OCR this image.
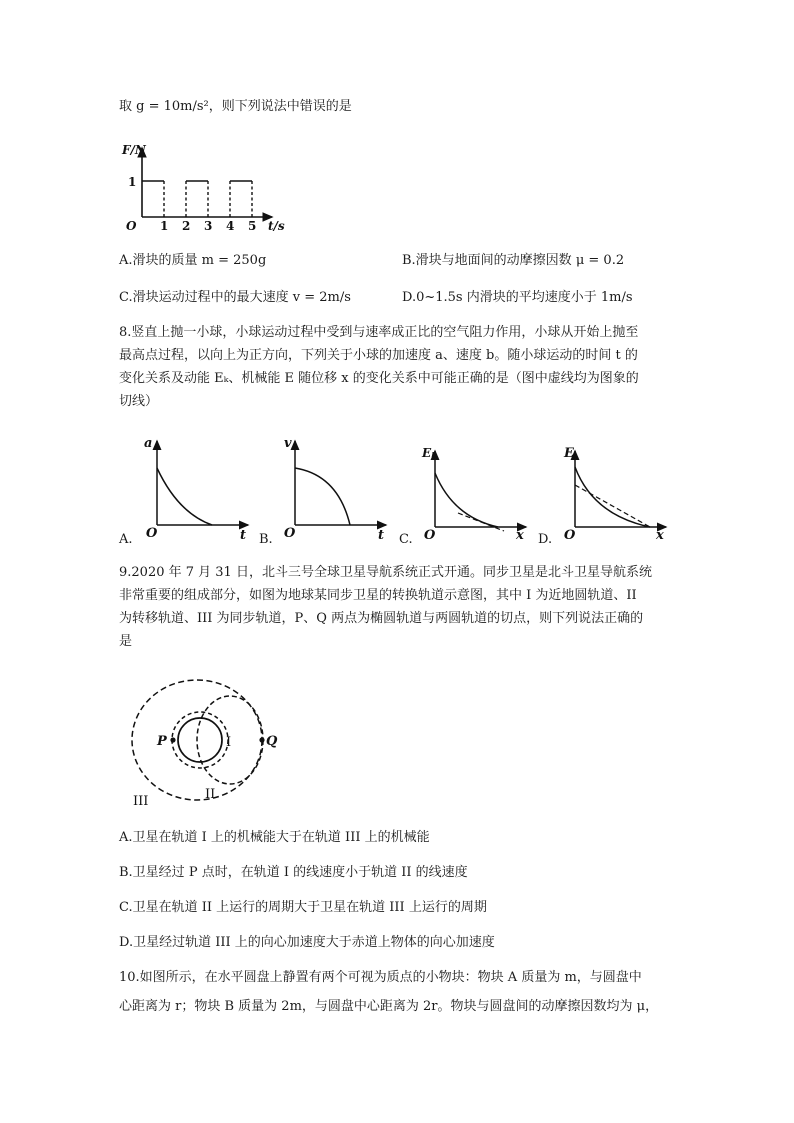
取 g = 10m/s²，则下列说法中错误的是
F/N
1
O 1 2 3 4 5 t/s
A.滑块的质量 m = 250g	B.滑块与地面间的动摩擦因数 μ = 0.2
C.滑块运动过程中的最大速度 v = 2m/s	D.0~1.5s 内滑块的平均速度小于 1m/s
8.竖直上抛一小球，小球运动过程中受到与速率成正比的空气阻力作用，小球从开始上抛至
最高点过程，以向上为正方向，下列关于小球的加速度 a、速度 b。随小球运动的时间 t 的
变化关系及动能 Eₖ、机械能 E 随位移 x 的变化关系中可能正确的是（图中虚线均为图象的
切线）
A.
a
O	t B.
v
O	t C.
Eₖ
O	x D.
E
O	x
9.2020 年 7 月 31 日，北斗三号全球卫星导航系统正式开通。同步卫星是北斗卫星导航系统
非常重要的组成部分，如图为地球某同步卫星的转换轨道示意图，其中 I 为近地圆轨道、II
为转移轨道、III 为同步轨道，P、Q 两点为椭圆轨道与两圆轨道的切点，则下列说法正确的
是
P	Q
I
II
III
A.卫星在轨道 I 上的机械能大于在轨道 III 上的机械能
B.卫星经过 P 点时，在轨道 I 的线速度小于轨道 II 的线速度
C.卫星在轨道 II 上运行的周期大于卫星在轨道 III 上运行的周期
D.卫星经过轨道 III 上的向心加速度大于赤道上物体的向心加速度
10.如图所示，在水平圆盘上静置有两个可视为质点的小物块：物块 A 质量为 m，与圆盘中
心距离为 r；物块 B 质量为 2m，与圆盘中心距离为 2r。物块与圆盘间的动摩擦因数均为 μ，
